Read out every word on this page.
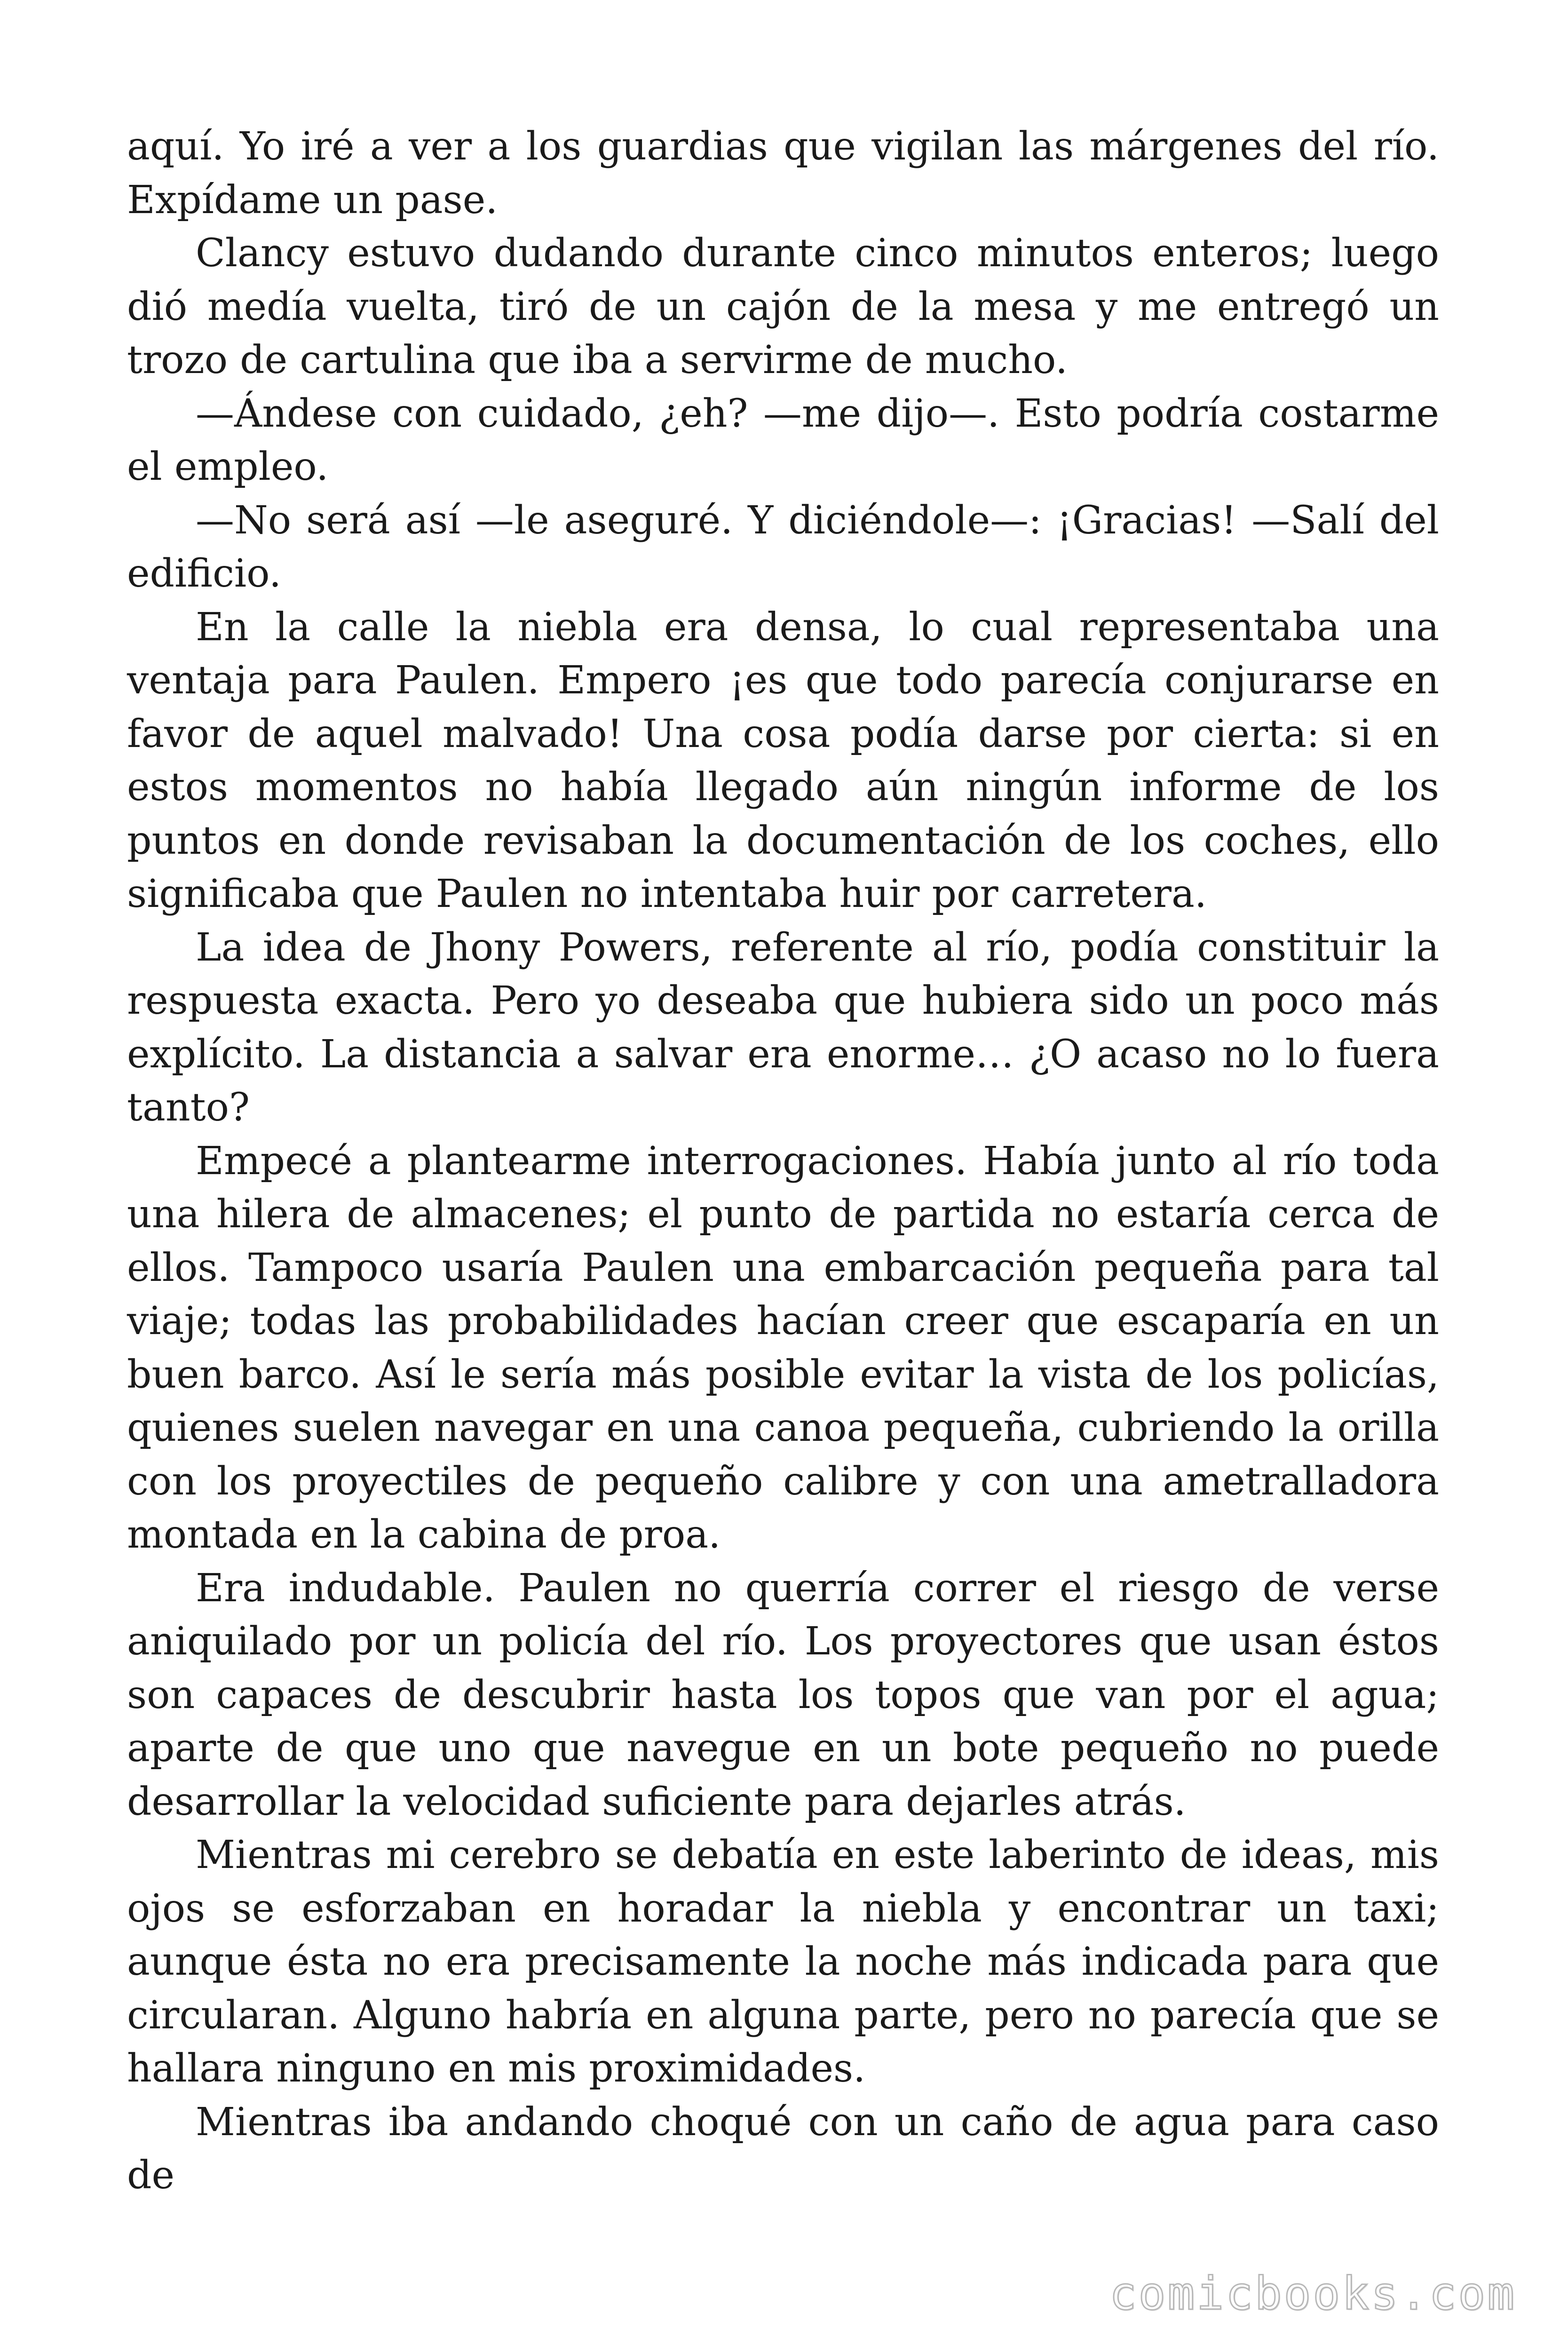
aquí. Yo iré a ver a los guardias que vigilan las márgenes del río. Expídame un pase.

Clancy estuvo dudando durante cinco minutos enteros; luego dió medía vuelta, tiró de un cajón de la mesa y me entregó un trozo de cartulina que iba a servirme de mucho.

—Ándese con cuidado, ¿eh? —me dijo—. Esto podría costarme el empleo.

—No será así —le aseguré. Y diciéndole—: ¡Gracias! —Salí del edificio.

En la calle la niebla era densa, lo cual representaba una ventaja para Paulen. Empero ¡es que todo parecía conjurarse en favor de aquel malvado! Una cosa podía darse por cierta: si en estos momentos no había llegado aún ningún informe de los puntos en donde revisaban la documentación de los coches, ello significaba que Paulen no intentaba huir por carretera.

La idea de Jhony Powers, referente al río, podía constituir la respuesta exacta. Pero yo deseaba que hubiera sido un poco más explícito. La distancia a salvar era enorme… ¿O acaso no lo fuera tanto?

Empecé a plantearme interrogaciones. Había junto al río toda una hilera de almacenes; el punto de partida no estaría cerca de ellos. Tampoco usaría Paulen una embarcación pequeña para tal viaje; todas las probabilidades hacían creer que escaparía en un buen barco. Así le sería más posible evitar la vista de los policías, quienes suelen navegar en una canoa pequeña, cubriendo la orilla con los proyectiles de pequeño calibre y con una ametralladora montada en la cabina de proa.

Era indudable. Paulen no querría correr el riesgo de verse aniquilado por un policía del río. Los proyectores que usan éstos son capaces de descubrir hasta los topos que van por el agua; aparte de que uno que navegue en un bote pequeño no puede desarrollar la velocidad suficiente para dejarles atrás.

Mientras mi cerebro se debatía en este laberinto de ideas, mis ojos se esforzaban en horadar la niebla y encontrar un taxi; aunque ésta no era precisamente la noche más indicada para que circularan. Alguno habría en alguna parte, pero no parecía que se hallara ninguno en mis proximidades.

Mientras iba andando choqué con un caño de agua para caso de

comicbooks.com
